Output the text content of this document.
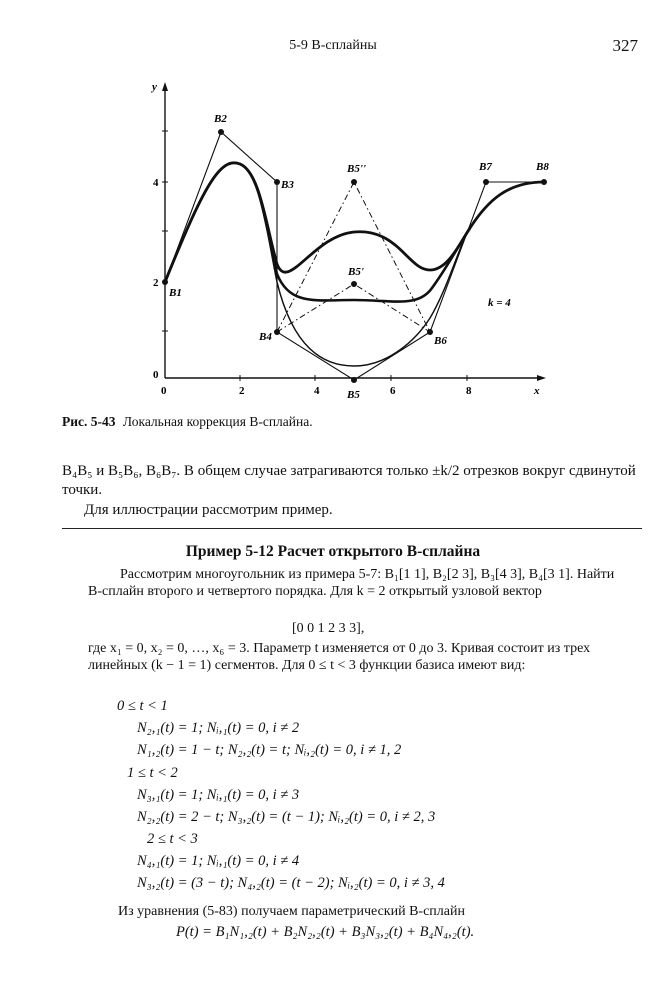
5-9 В-сплайны	327
y
x
0	2	4	6	8
0
2
4
B1
B2
B3
B4
B5
B6
B7	B8
B5'
B5''
k = 4
Рис. 5-43 Локальная коррекция В-сплайна.
B₄B₅ и B₅B₆, B₆B₇. В общем случае затрагиваются только ±k/2 отрезков вокруг сдвинутой точки.
Для иллюстрации рассмотрим пример.
Пример 5-12 Расчет открытого В-сплайна
Рассмотрим многоугольник из примера 5-7: B₁[1 1], B₂[2 3], B₃[4 3], B₄[3 1]. Найти В-сплайн второго и четвертого порядка. Для k = 2 открытый узловой вектор
[0 0 1 2 3 3],
где x₁ = 0, x₂ = 0, …, x₆ = 3. Параметр t изменяется от 0 до 3. Кривая состоит из трех линейных (k − 1 = 1) сегментов. Для 0 ≤ t < 3 функции базиса имеют вид:
0 ≤ t < 1
N₂,₁(t) = 1; Nᵢ,₁(t) = 0, i ≠ 2
N₁,₂(t) = 1 − t; N₂,₂(t) = t; Nᵢ,₂(t) = 0, i ≠ 1, 2
1 ≤ t < 2
N₃,₁(t) = 1; Nᵢ,₁(t) = 0, i ≠ 3
N₂,₂(t) = 2 − t; N₃,₂(t) = (t − 1); Nᵢ,₂(t) = 0, i ≠ 2, 3
2 ≤ t < 3
N₄,₁(t) = 1; Nᵢ,₁(t) = 0, i ≠ 4
N₃,₂(t) = (3 − t); N₄,₂(t) = (t − 2); Nᵢ,₂(t) = 0, i ≠ 3, 4
Из уравнения (5-83) получаем параметрический В-сплайн
P(t) = B₁N₁,₂(t) + B₂N₂,₂(t) + B₃N₃,₂(t) + B₄N₄,₂(t).
